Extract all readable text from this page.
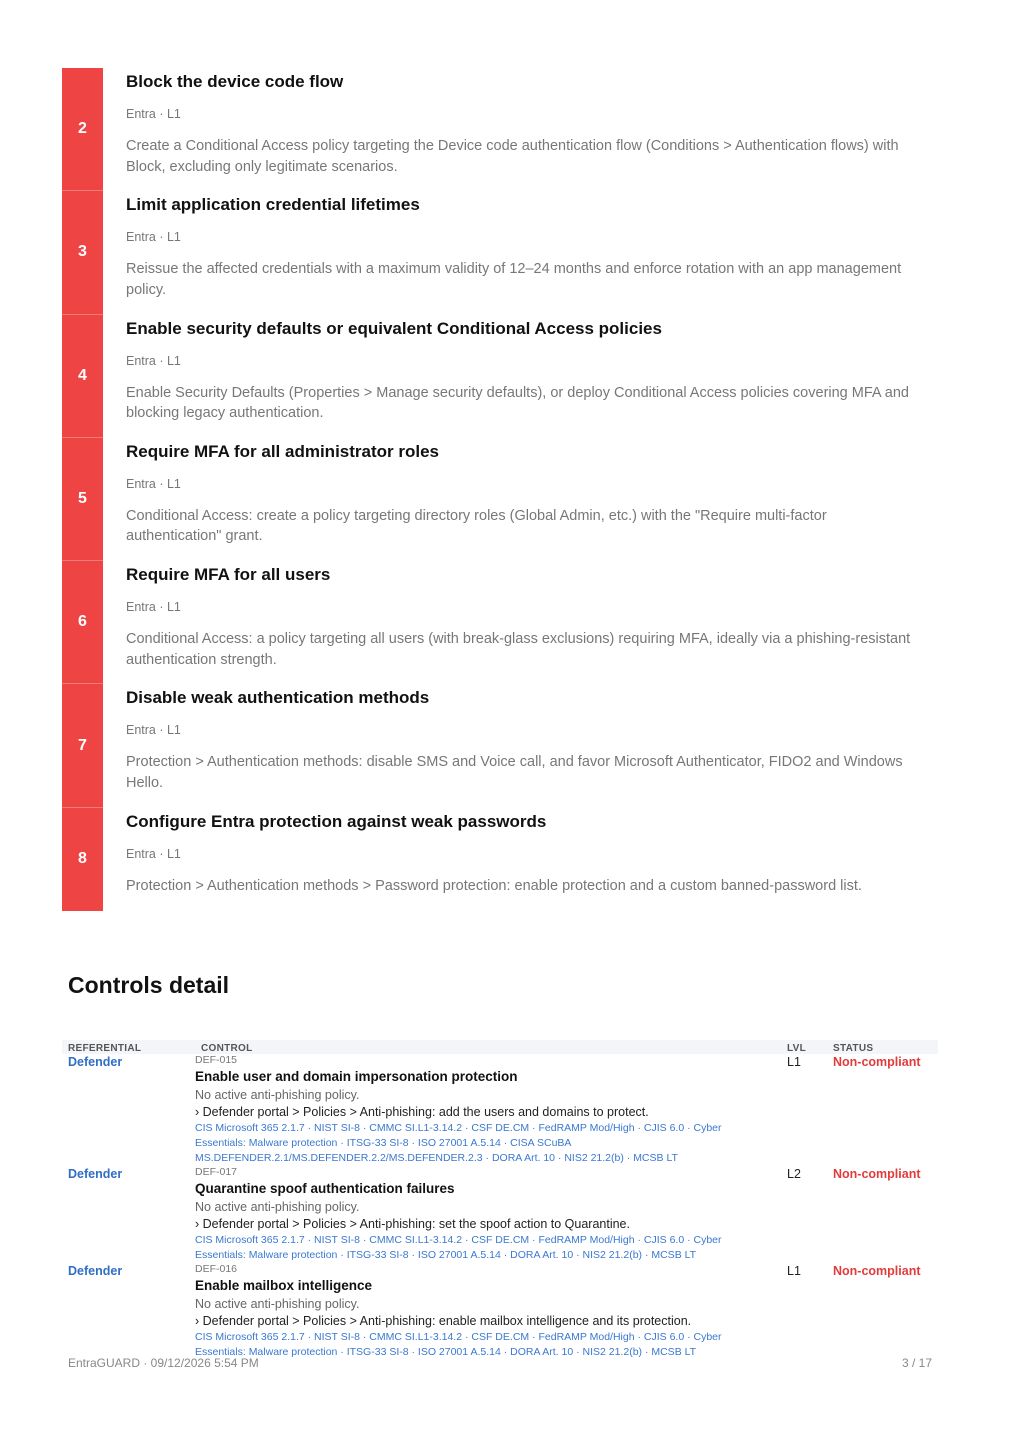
2
Block the device code flow
Entra · L1
Create a Conditional Access policy targeting the Device code authentication flow (Conditions > Authentication flows) with Block, excluding only legitimate scenarios.
3
Limit application credential lifetimes
Entra · L1
Reissue the affected credentials with a maximum validity of 12–24 months and enforce rotation with an app management policy.
4
Enable security defaults or equivalent Conditional Access policies
Entra · L1
Enable Security Defaults (Properties > Manage security defaults), or deploy Conditional Access policies covering MFA and blocking legacy authentication.
5
Require MFA for all administrator roles
Entra · L1
Conditional Access: create a policy targeting directory roles (Global Admin, etc.) with the "Require multi-factor authentication" grant.
6
Require MFA for all users
Entra · L1
Conditional Access: a policy targeting all users (with break-glass exclusions) requiring MFA, ideally via a phishing-resistant authentication strength.
7
Disable weak authentication methods
Entra · L1
Protection > Authentication methods: disable SMS and Voice call, and favor Microsoft Authenticator, FIDO2 and Windows Hello.
8
Configure Entra protection against weak passwords
Entra · L1
Protection > Authentication methods > Password protection: enable protection and a custom banned-password list.
Controls detail
REFERENTIAL	CONTROL	LVL	STATUS
Defender	DEF-015
Enable user and domain impersonation protection
No active anti-phishing policy.
› Defender portal > Policies > Anti-phishing: add the users and domains to protect.
CIS Microsoft 365 2.1.7 · NIST SI-8 · CMMC SI.L1-3.14.2 · CSF DE.CM · FedRAMP Mod/High · CJIS 6.0 · Cyber Essentials: Malware protection · ITSG-33 SI-8 · ISO 27001 A.5.14 · CISA SCuBA MS.DEFENDER.2.1/MS.DEFENDER.2.2/MS.DEFENDER.2.3 · DORA Art. 10 · NIS2 21.2(b) · MCSB LT	L1	Non-compliant
Defender	DEF-017
Quarantine spoof authentication failures
No active anti-phishing policy.
› Defender portal > Policies > Anti-phishing: set the spoof action to Quarantine.
CIS Microsoft 365 2.1.7 · NIST SI-8 · CMMC SI.L1-3.14.2 · CSF DE.CM · FedRAMP Mod/High · CJIS 6.0 · Cyber Essentials: Malware protection · ITSG-33 SI-8 · ISO 27001 A.5.14 · DORA Art. 10 · NIS2 21.2(b) · MCSB LT	L2	Non-compliant
Defender	DEF-016
Enable mailbox intelligence
No active anti-phishing policy.
› Defender portal > Policies > Anti-phishing: enable mailbox intelligence and its protection.
CIS Microsoft 365 2.1.7 · NIST SI-8 · CMMC SI.L1-3.14.2 · CSF DE.CM · FedRAMP Mod/High · CJIS 6.0 · Cyber Essentials: Malware protection · ITSG-33 SI-8 · ISO 27001 A.5.14 · DORA Art. 10 · NIS2 21.2(b) · MCSB LT	L1	Non-compliant
EntraGUARD · 09/12/2026 5:54 PM	3 / 17
